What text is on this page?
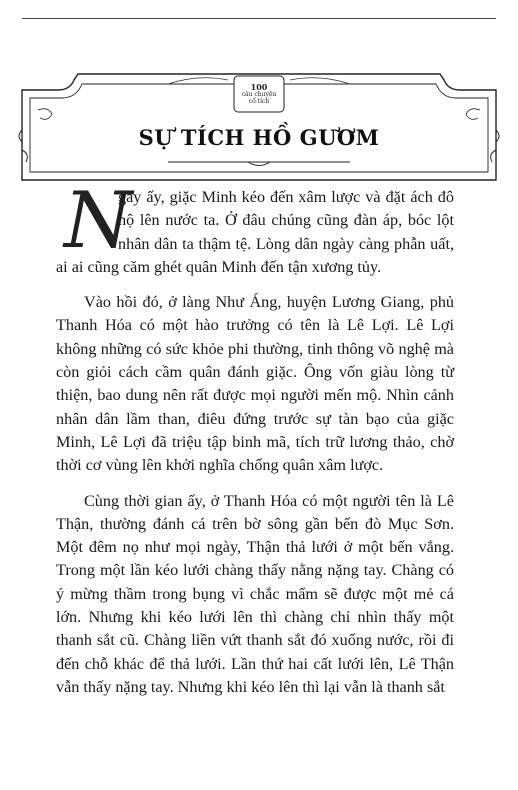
100
câu chuyện cổ tích
SỰ TÍCH HỒ GƯƠM

N
gày ấy, giặc Minh kéo đến xâm lược và đặt ách đô hộ lên nước ta. Ở đâu chúng cũng đàn áp, bóc lột nhân dân ta thậm tệ. Lòng dân ngày càng phẫn uất, ai ai cũng căm ghét quân Minh đến tận xương tủy.

Vào hồi đó, ở làng Như Áng, huyện Lương Giang, phủ Thanh Hóa có một hào trưởng có tên là Lê Lợi. Lê Lợi không những có sức khỏe phi thường, tinh thông võ nghệ mà còn giỏi cách cầm quân đánh giặc. Ông vốn giàu lòng từ thiện, bao dung nên rất được mọi người mến mộ. Nhìn cảnh nhân dân lầm than, điêu đứng trước sự tàn bạo của giặc Minh, Lê Lợi đã triệu tập binh mã, tích trữ lương thảo, chờ thời cơ vùng lên khởi nghĩa chống quân xâm lược.

Cùng thời gian ấy, ở Thanh Hóa có một người tên là Lê Thận, thường đánh cá trên bờ sông gần bến đò Mục Sơn. Một đêm nọ như mọi ngày, Thận thả lưới ở một bến vắng. Trong một lần kéo lưới chàng thấy nằng nặng tay. Chàng có ý mừng thầm trong bụng vì chắc mẩm sẽ được một mẻ cá lớn. Nhưng khi kéo lưới lên thì chàng chỉ nhìn thấy một thanh sắt cũ. Chàng liền vứt thanh sắt đó xuống nước, rồi đi đến chỗ khác để thả lưới. Lần thứ hai cất lưới lên, Lê Thận vẫn thấy nặng tay. Nhưng khi kéo lên thì lại vẫn là thanh sắt
